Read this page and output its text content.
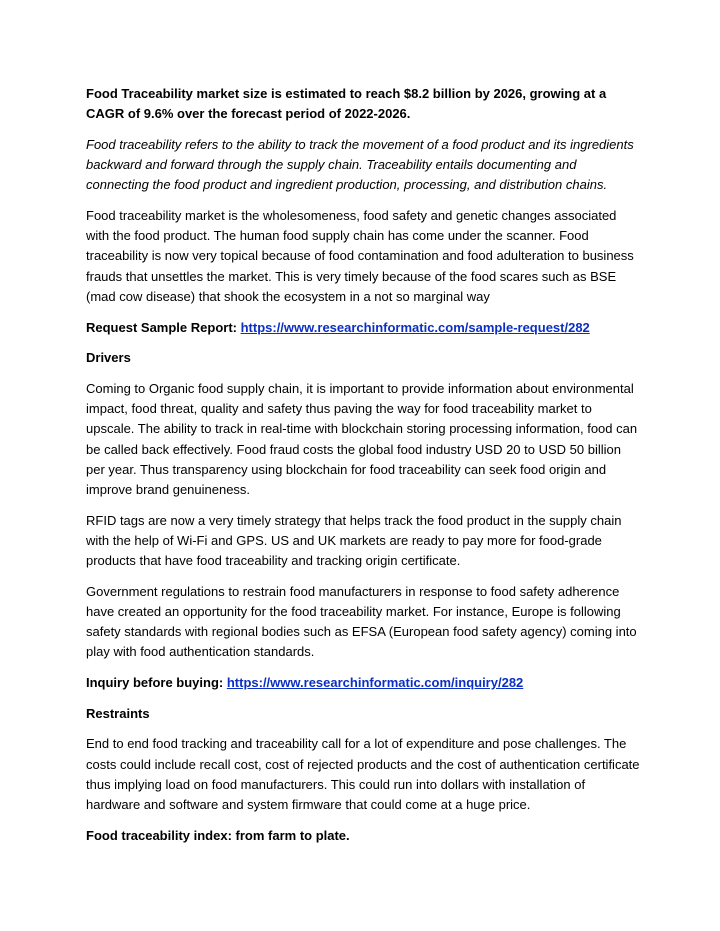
Food Traceability market size is estimated to reach $8.2 billion by 2026, growing at a CAGR of 9.6% over the forecast period of 2022-2026.

Food traceability refers to the ability to track the movement of a food product and its ingredients backward and forward through the supply chain. Traceability entails documenting and connecting the food product and ingredient production, processing, and distribution chains.

Food traceability market is the wholesomeness, food safety and genetic changes associated with the food product. The human food supply chain has come under the scanner. Food traceability is now very topical because of food contamination and food adulteration to business frauds that unsettles the market. This is very timely because of the food scares such as BSE (mad cow disease) that shook the ecosystem in a not so marginal way

Request Sample Report: https://www.researchinformatic.com/sample-request/282

Drivers

Coming to Organic food supply chain, it is important to provide information about environmental impact, food threat, quality and safety thus paving the way for food traceability market to upscale. The ability to track in real-time with blockchain storing processing information, food can be called back effectively. Food fraud costs the global food industry USD 20 to USD 50 billion per year. Thus transparency using blockchain for food traceability can seek food origin and improve brand genuineness.

RFID tags are now a very timely strategy that helps track the food product in the supply chain with the help of Wi-Fi and GPS. US and UK markets are ready to pay more for food-grade products that have food traceability and tracking origin certificate.

Government regulations to restrain food manufacturers in response to food safety adherence have created an opportunity for the food traceability market. For instance, Europe is following safety standards with regional bodies such as EFSA (European food safety agency) coming into play with food authentication standards.

Inquiry before buying: https://www.researchinformatic.com/inquiry/282

Restraints

End to end food tracking and traceability call for a lot of expenditure and pose challenges. The costs could include recall cost, cost of rejected products and the cost of authentication certificate thus implying load on food manufacturers. This could run into dollars with installation of hardware and software and system firmware that could come at a huge price.

Food traceability index: from farm to plate.
